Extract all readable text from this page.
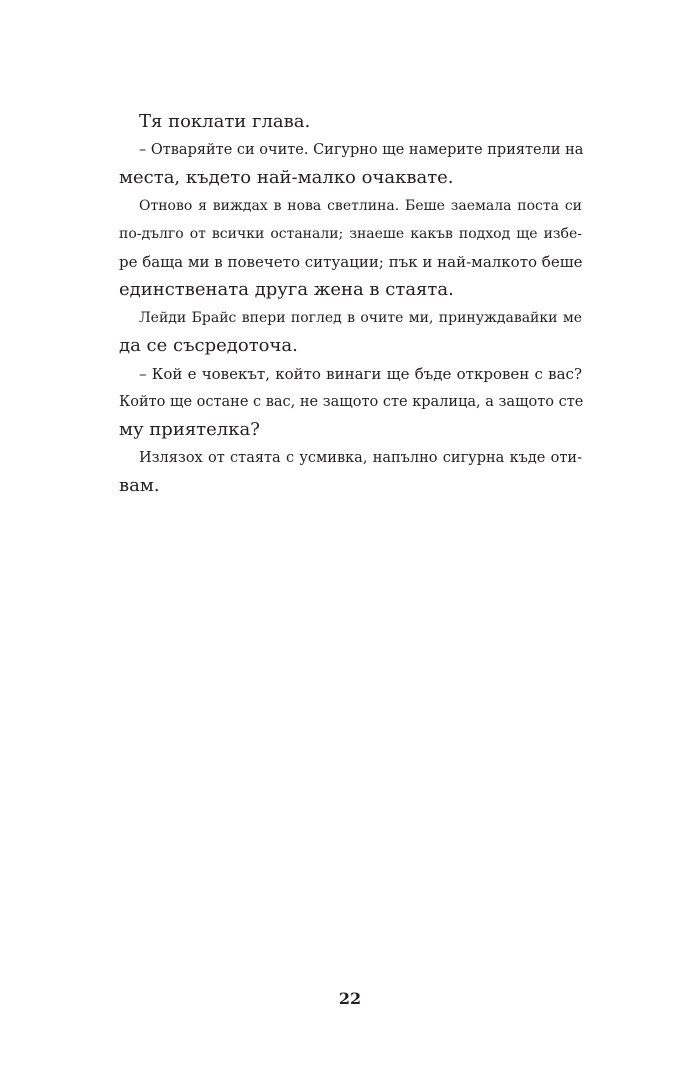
Тя поклати глава.
– Отваряйте си очите. Сигурно ще намерите приятели на
места, където най-малко очаквате.
Отново я виждах в нова светлина. Беше заемала поста си
по-дълго от всички останали; знаеше какъв подход ще избе-
ре баща ми в повечето ситуации; пък и най-малкото беше
единствената друга жена в стаята.
Лейди Брайс впери поглед в очите ми, принуждавайки ме
да се съсредоточа.
– Кой е човекът, който винаги ще бъде откровен с вас?
Който ще остане с вас, не защото сте кралица, а защото сте
му приятелка?
Излязох от стаята с усмивка, напълно сигурна къде оти-
вам.
22
